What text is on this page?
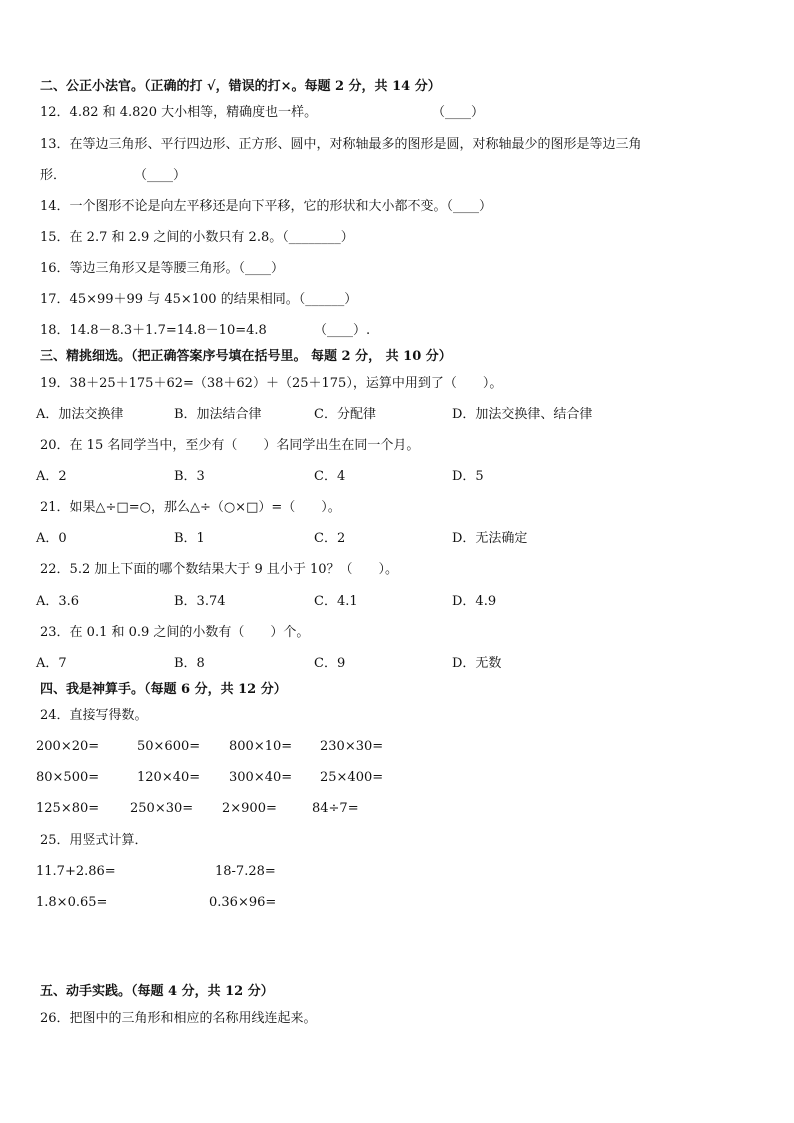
二、公正小法官。（正确的打 √，错误的打×。每题 2 分，共 14 分）
12．4.82 和 4.820 大小相等，精确度也一样。	（____）
13．在等边三角形、平行四边形、正方形、圆中，对称轴最多的图形是圆，对称轴最少的图形是等边三角
形．	（____）
14．一个图形不论是向左平移还是向下平移，它的形状和大小都不变。（____）
15．在 2.7 和 2.9 之间的小数只有 2.8。（________）
16．等边三角形又是等腰三角形。（____）
17．45×99＋99 与 45×100 的结果相同。（______）
18．14.8－8.3＋1.7=14.8－10=4.8	（____）.
三、精挑细选。（把正确答案序号填在括号里。 每题 2 分， 共 10 分）
19．38＋25＋175＋62=（38＋62）＋（25＋175），运算中用到了（　　）。
A．加法交换律	B．加法结合律	C．分配律	D．加法交换律、结合律
20．在 15 名同学当中，至少有（　　）名同学出生在同一个月。
A．2	B．3	C．4	D．5
21．如果△÷□=○，那么△÷（○×□）=（　　）。
A．0	B．1	C．2	D．无法确定
22．5.2 加上下面的哪个数结果大于 9 且小于 10？（　　）。
A．3.6	B．3.74	C．4.1	D．4.9
23．在 0.1 和 0.9 之间的小数有（　　）个。
A．7	B．8	C．9	D．无数
四、我是神算手。（每题 6 分，共 12 分）
24．直接写得数。
200×20=	50×600= 800×10= 230×30=
80×500=	120×40= 300×40= 25×400=
125×80= 250×30= 2×900=	84÷7=
25．用竖式计算．
11.7+2.86=	18-7.28=
1.8×0.65=	0.36×96=
五、动手实践。（每题 4 分，共 12 分）
26．把图中的三角形和相应的名称用线连起来。
